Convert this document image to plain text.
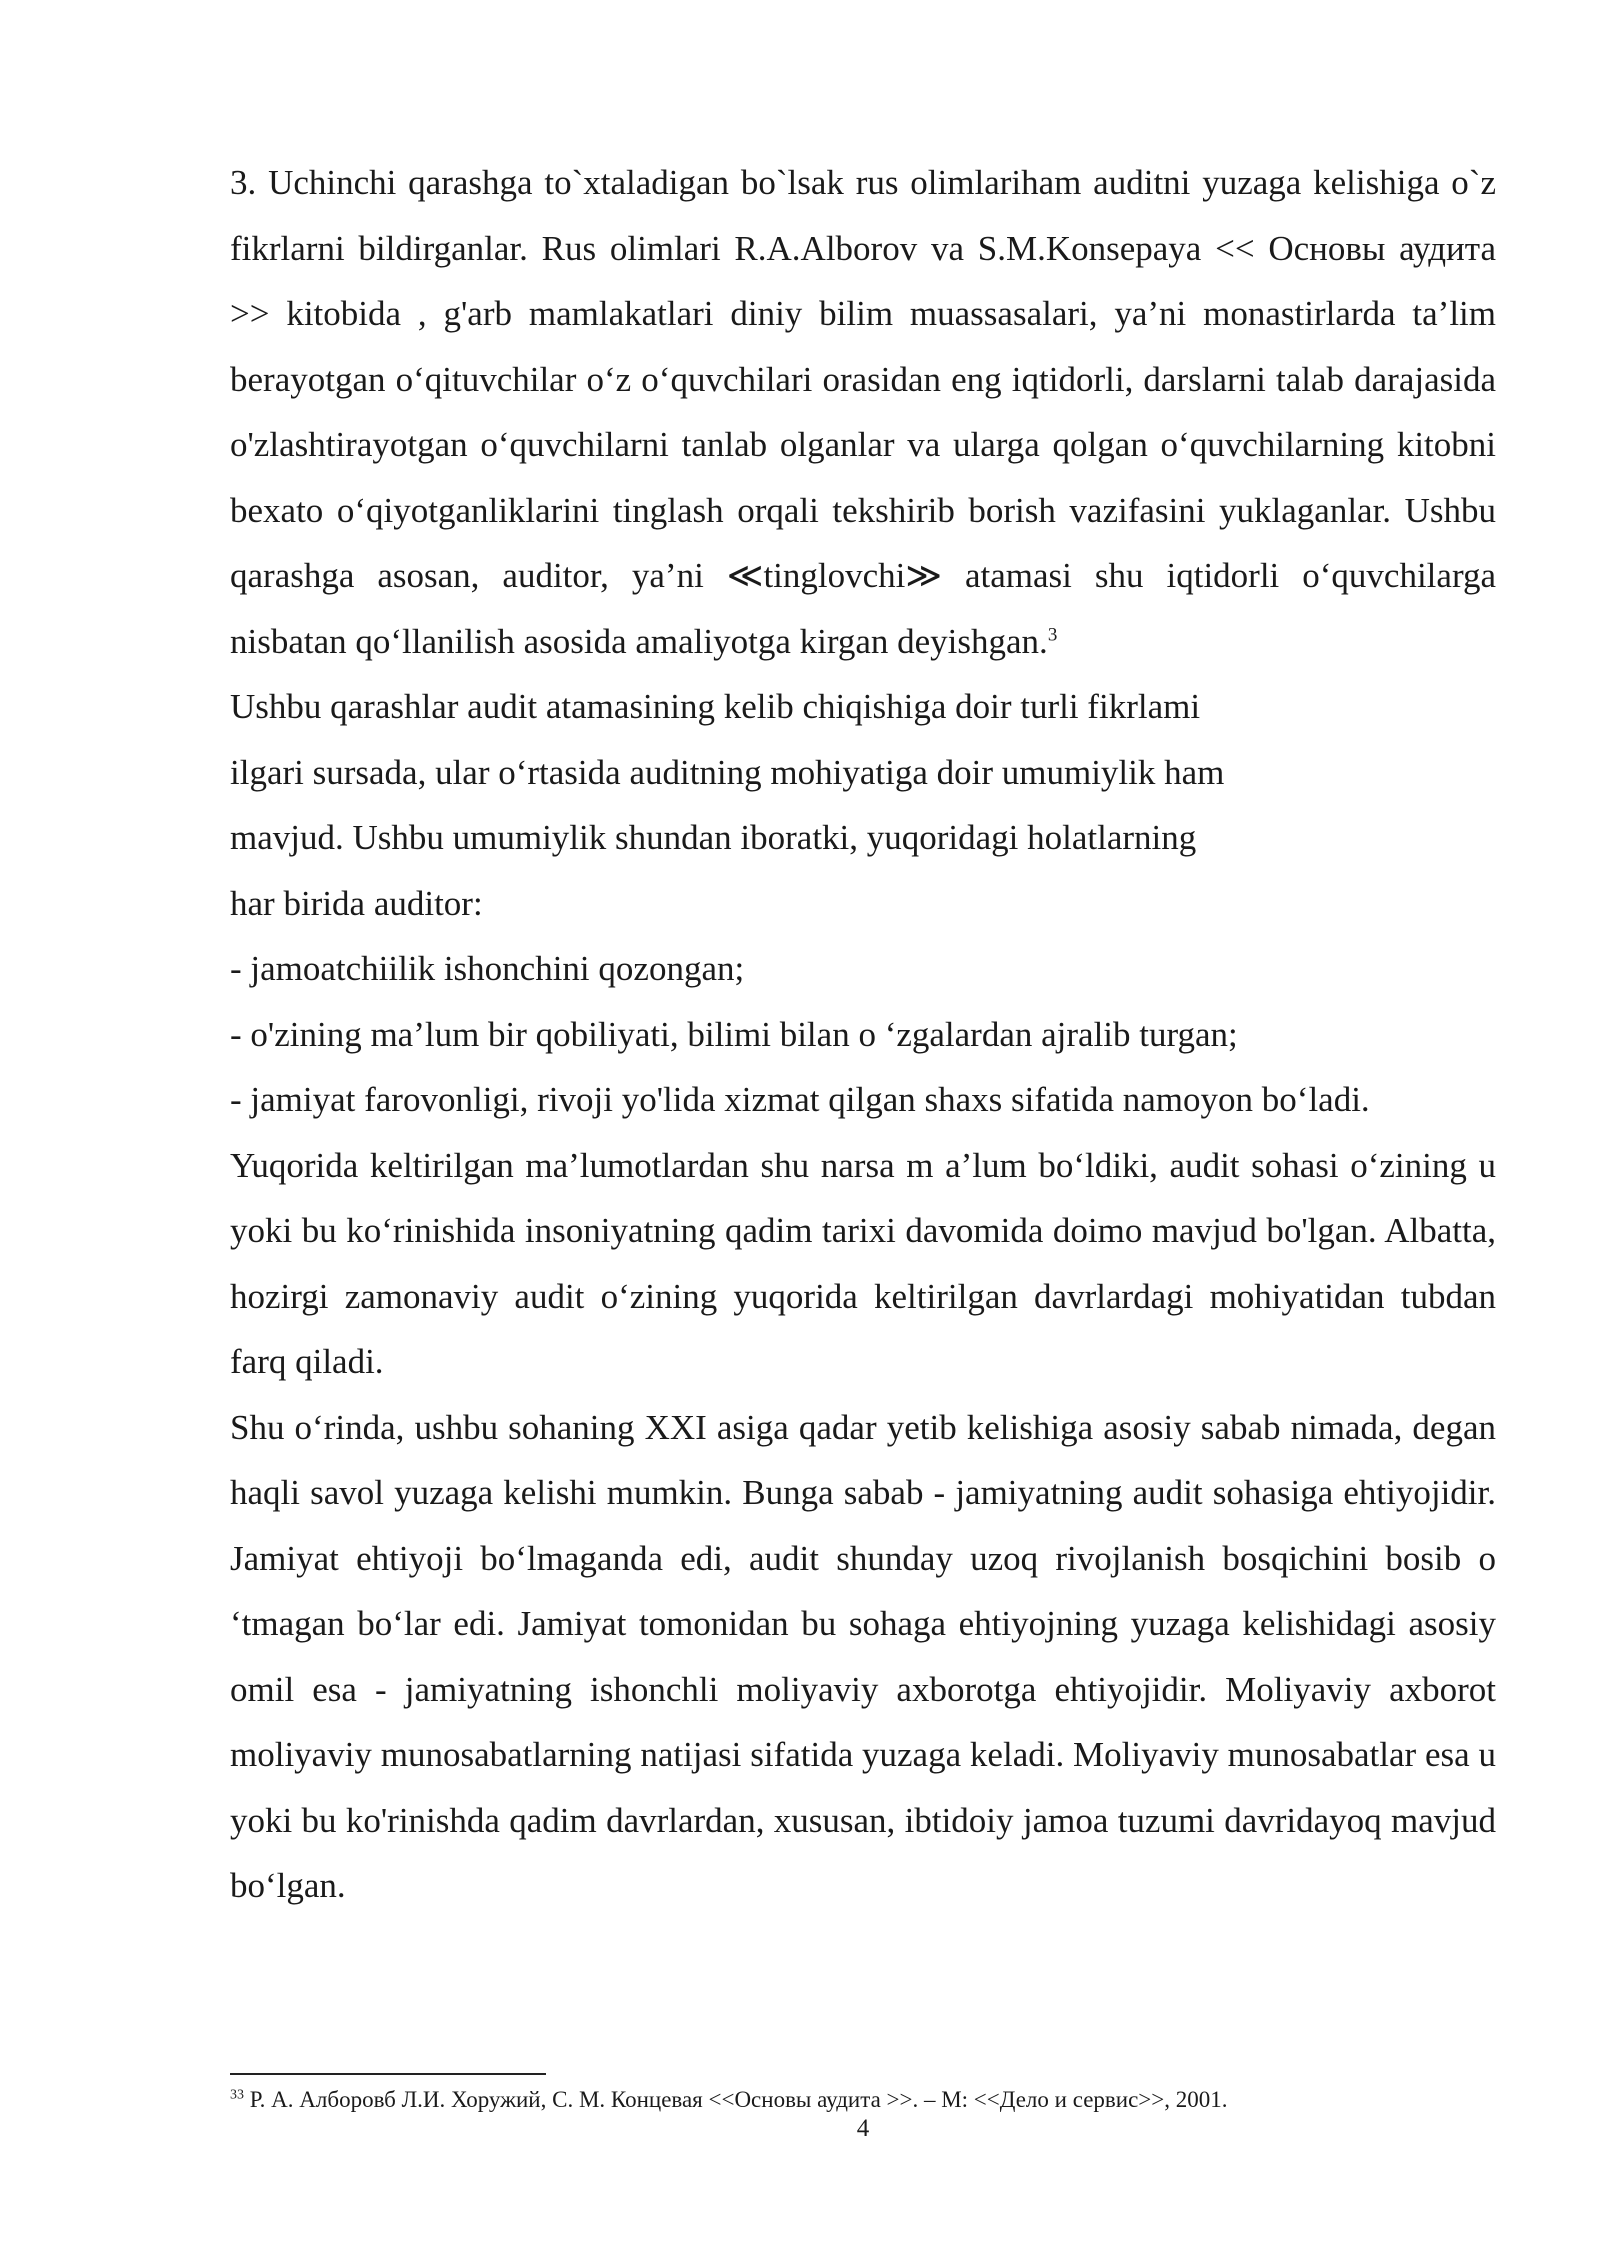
3. Uchinchi qarashga to`xtaladigan bo`lsak rus olimlariham auditni yuzaga kelishiga o`z fikrlarni bildirganlar. Rus olimlari R.A.Alborov va S.M.Konsepaya << Основы аудита >> kitobida , g'arb mamlakatlari diniy bilim muassasalari, ya’ni monastirlarda ta’lim berayotgan oʻqituvchilar oʻz oʻquvchilari orasidan eng iqtidorli, darslarni talab darajasida o'zlashtirayotgan oʻquvchilarni tanlab olganlar va ularga qolgan oʻquvchilarning kitobni bexato oʻqiyotganliklarini tinglash orqali tekshirib borish vazifasini yuklaganlar. Ushbu qarashga asosan, auditor, ya’ni ≪tinglovchi≫ atamasi shu iqtidorli oʻquvchilarga nisbatan qoʻllanilish asosida amaliyotga kirgan deyishgan.$^3$

Ushbu qarashlar audit atamasining kelib chiqishiga doir turli fikrlami

ilgari sursada, ular oʻrtasida auditning mohiyatiga doir umumiylik ham

mavjud. Ushbu umumiylik shundan iboratki, yuqoridagi holatlarning

har birida auditor:

- jamoatchiilik ishonchini qozongan;

- o'zining ma’lum bir qobiliyati, bilimi bilan o ‘zgalardan ajralib turgan;

- jamiyat farovonligi, rivoji yo'lida xizmat qilgan shaxs sifatida namoyon boʻladi.

Yuqorida keltirilgan ma’lumotlardan shu narsa m a’lum boʻldiki, audit sohasi oʻzining u yoki bu koʻrinishida insoniyatning qadim tarixi davomida doimo mavjud bo'lgan. Albatta, hozirgi zamonaviy audit oʻzining yuqorida keltirilgan davrlardagi mohiyatidan tubdan farq qiladi.

Shu oʻrinda, ushbu sohaning XXI asiga qadar yetib kelishiga asosiy sabab nimada, degan haqli savol yuzaga kelishi mumkin. Bunga sabab - jamiyatning audit sohasiga ehtiyojidir. Jamiyat ehtiyoji boʻlmaganda edi, audit shunday uzoq rivojlanish bosqichini bosib o ‘tmagan boʻlar edi. Jamiyat tomonidan bu sohaga ehtiyojning yuzaga kelishidagi asosiy omil esa - jamiyatning ishonchli moliyaviy axborotga ehtiyojidir. Moliyaviy axborot moliyaviy munosabatlarning natijasi sifatida yuzaga keladi. Moliyaviy munosabatlar esa u yoki bu ko'rinishda qadim davrlardan, xususan, ibtidoiy jamoa tuzumi davridayoq mavjud boʻlgan.

$^{33}$ Р. А. Алборовб Л.И. Хоружий, С. М. Концевая <<Основы аудита >>. – М: <<Дело и сервис>>, 2001.
4
